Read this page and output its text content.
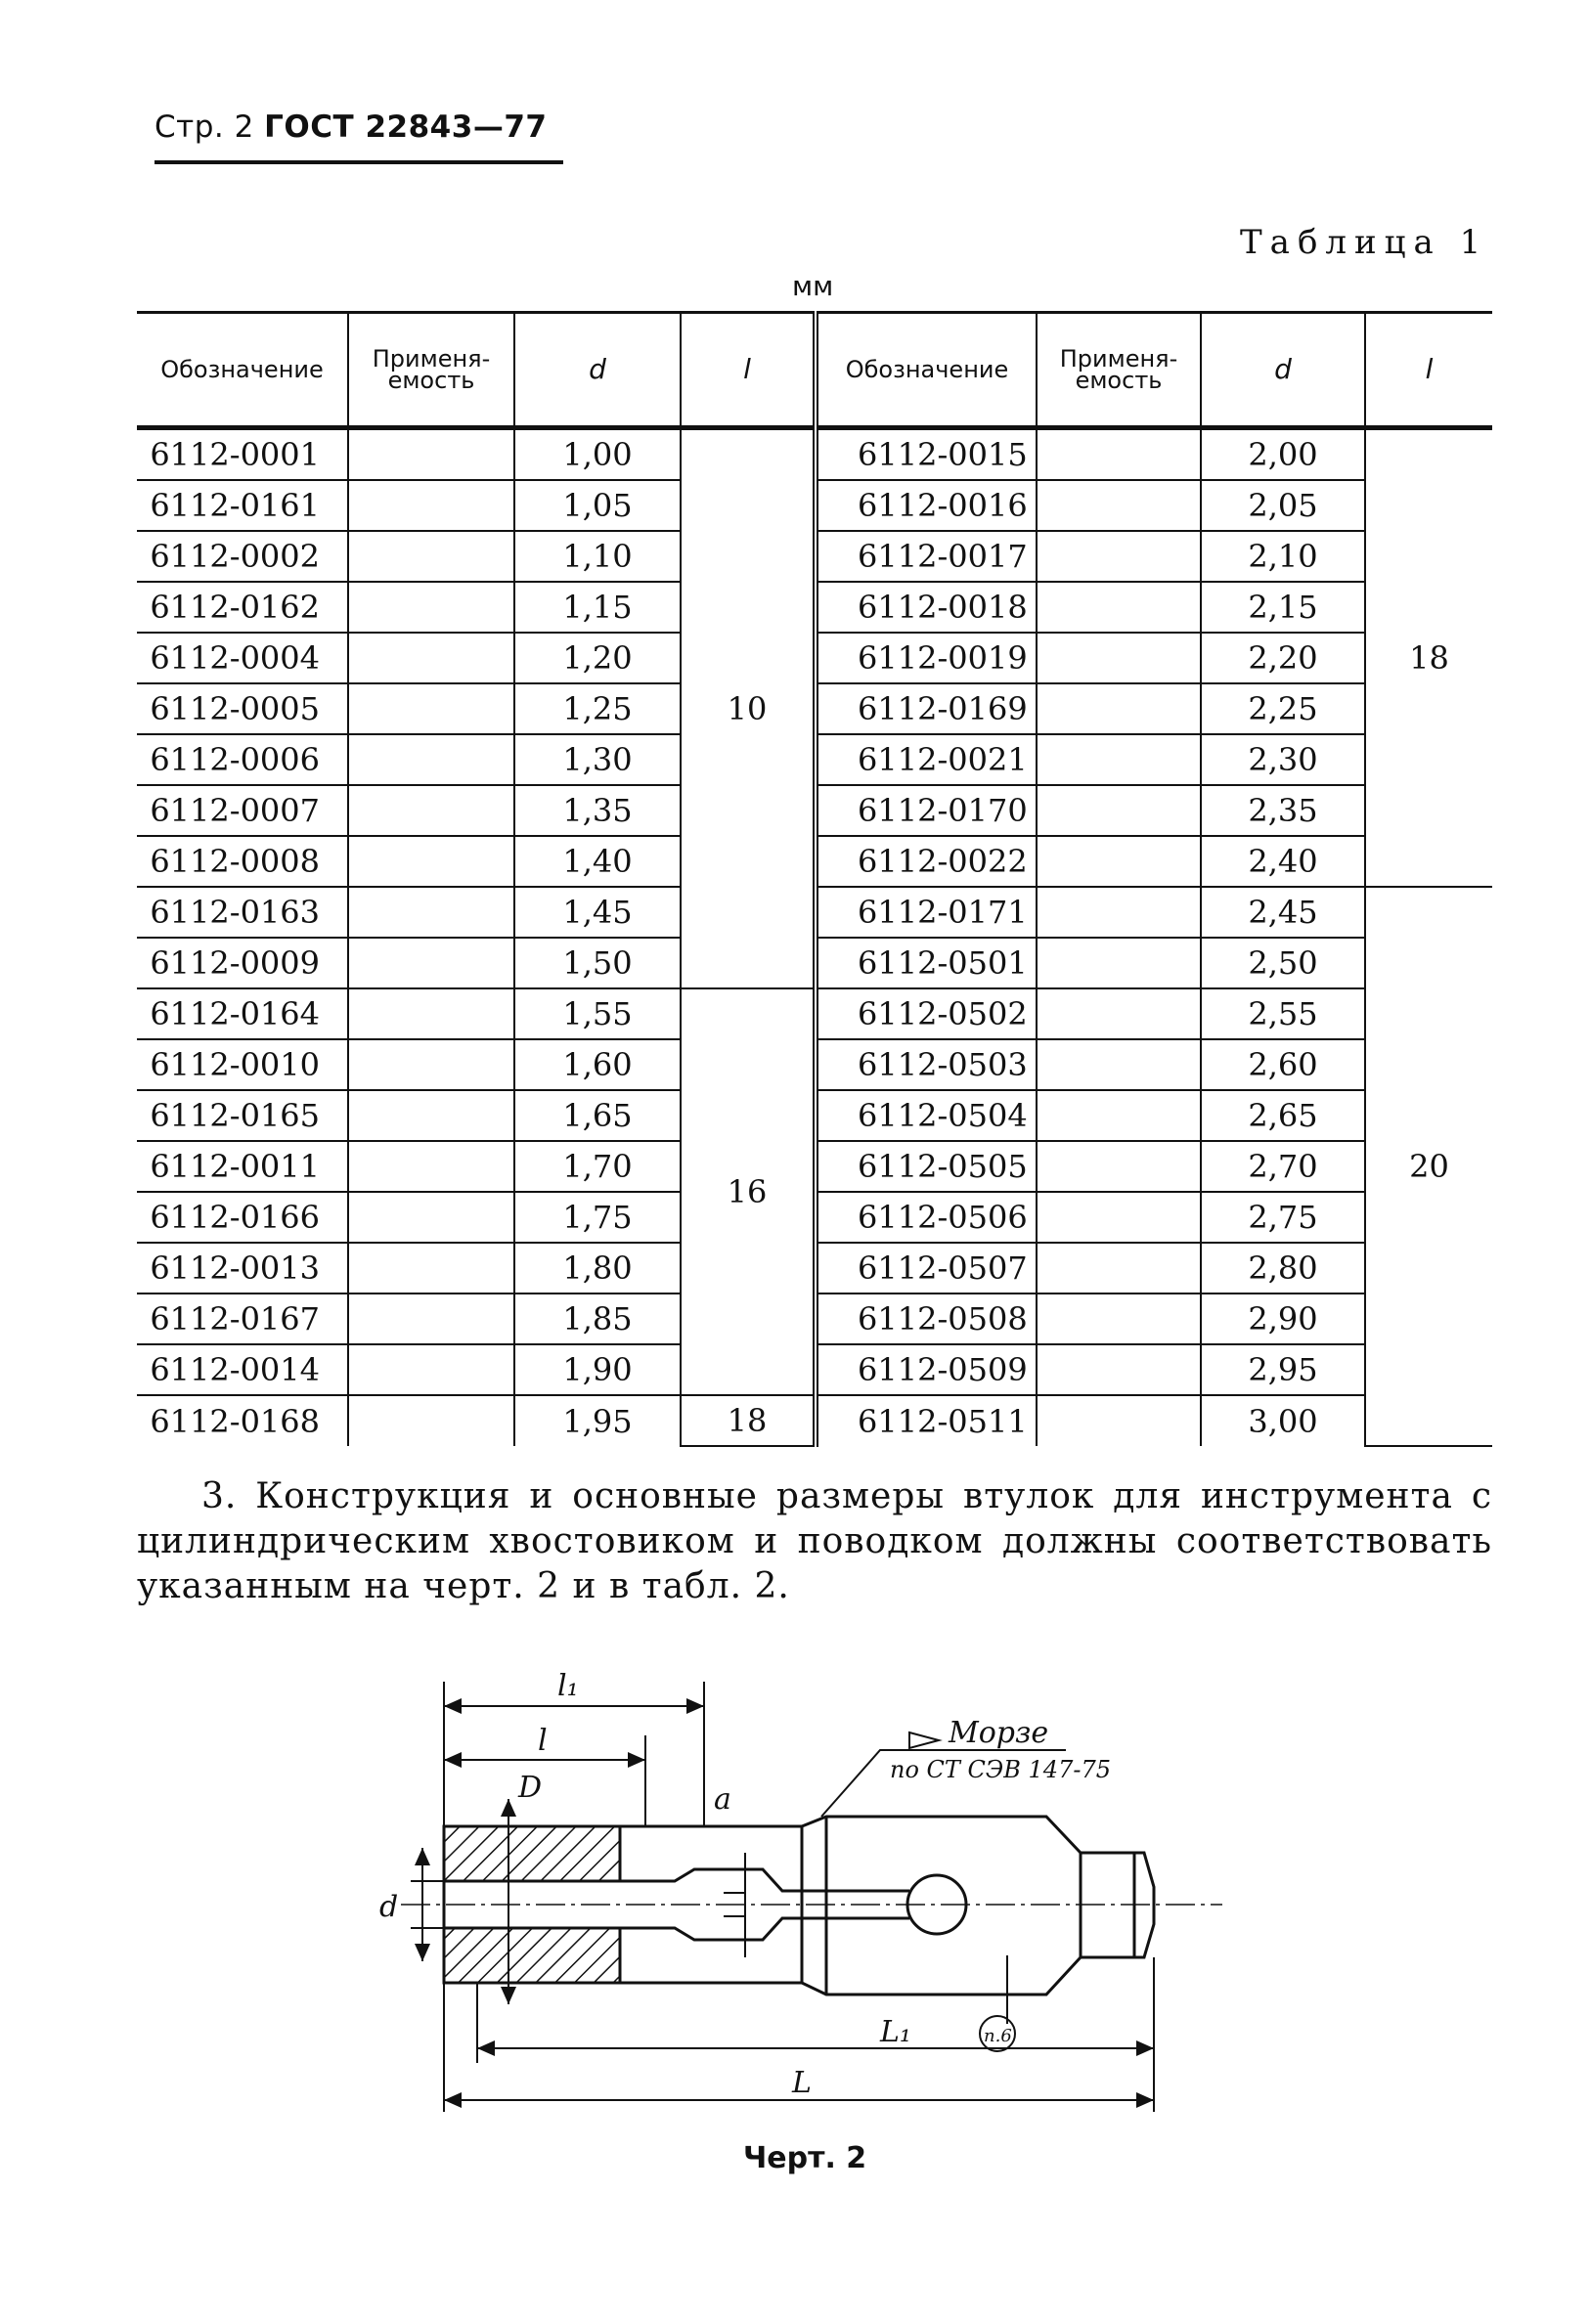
Стр. 2 ГОСТ 22843—77
Таблица 1
мм
Обозначение	Применя-емость	d	l	Обозначение	Применя-емость	d	l
6112-0001		1,00	10	6112-0015		2,00	18
6112-0161		1,05		6112-0016		2,05	
6112-0002		1,10		6112-0017		2,10	
6112-0162		1,15		6112-0018		2,15	
6112-0004		1,20		6112-0019		2,20	
6112-0005		1,25		6112-0169		2,25	
6112-0006		1,30		6112-0021		2,30	
6112-0007		1,35		6112-0170		2,35	
6112-0008		1,40		6112-0022		2,40	
6112-0163		1,45		6112-0171		2,45	20
6112-0009		1,50		6112-0501		2,50	
6112-0164		1,55	16	6112-0502		2,55	
6112-0010		1,60		6112-0503		2,60	
6112-0165		1,65		6112-0504		2,65	
6112-0011		1,70		6112-0505		2,70	
6112-0166		1,75		6112-0506		2,75	
6112-0013		1,80		6112-0507		2,80	
6112-0167		1,85		6112-0508		2,90	
6112-0014		1,90		6112-0509		2,95	
6112-0168		1,95	18	6112-0511		3,00	
3. Конструкция и основные размеры втулок для инструмента с цилиндрическим хвостовиком и поводком должны соответствовать указанным на черт. 2 и в табл. 2.
l₁
l
D	a
d
Морзе
по СТ СЭВ 147-75
п.6
L₁
L
Черт. 2
